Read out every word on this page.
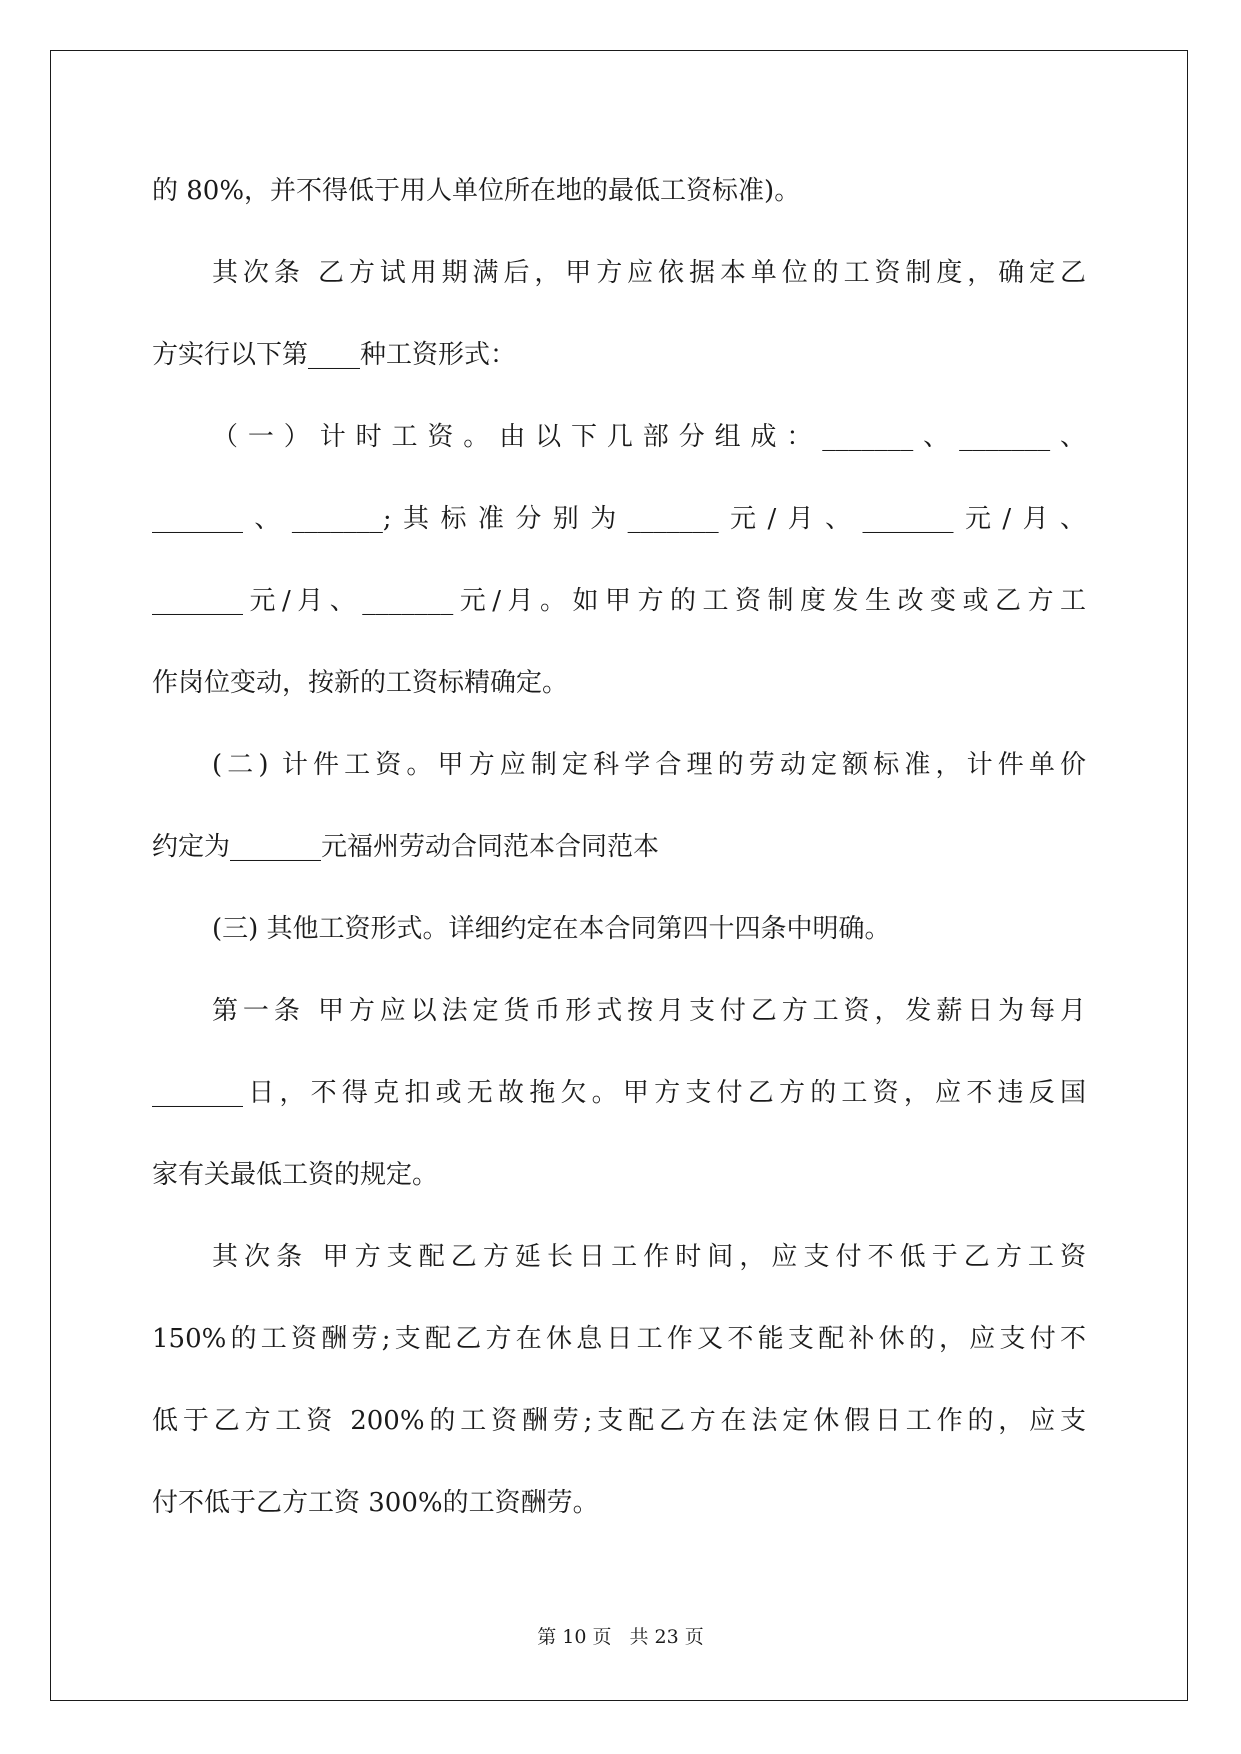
的 80%，并不得低于用人单位所在地的最低工资标准)。
其次条 乙方试用期满后，甲方应依据本单位的工资制度，确定乙
方实行以下第____种工资形式：
（一）计时工资。由以下几部分组成：_______、_______、
_______、_______;其标准分别为_______元/月、_______元/月、
_______元/月、_______元/月。如甲方的工资制度发生改变或乙方工
作岗位变动，按新的工资标精确定。
(二) 计件工资。甲方应制定科学合理的劳动定额标准，计件单价
约定为_______元福州劳动合同范本合同范本
(三) 其他工资形式。详细约定在本合同第四十四条中明确。
第一条 甲方应以法定货币形式按月支付乙方工资，发薪日为每月
_______日，不得克扣或无故拖欠。甲方支付乙方的工资，应不违反国
家有关最低工资的规定。
其次条 甲方支配乙方延长日工作时间，应支付不低于乙方工资
150%的工资酬劳;支配乙方在休息日工作又不能支配补休的，应支付不
低于乙方工资 200%的工资酬劳;支配乙方在法定休假日工作的，应支
付不低于乙方工资 300%的工资酬劳。
第 10 页 共 23 页
